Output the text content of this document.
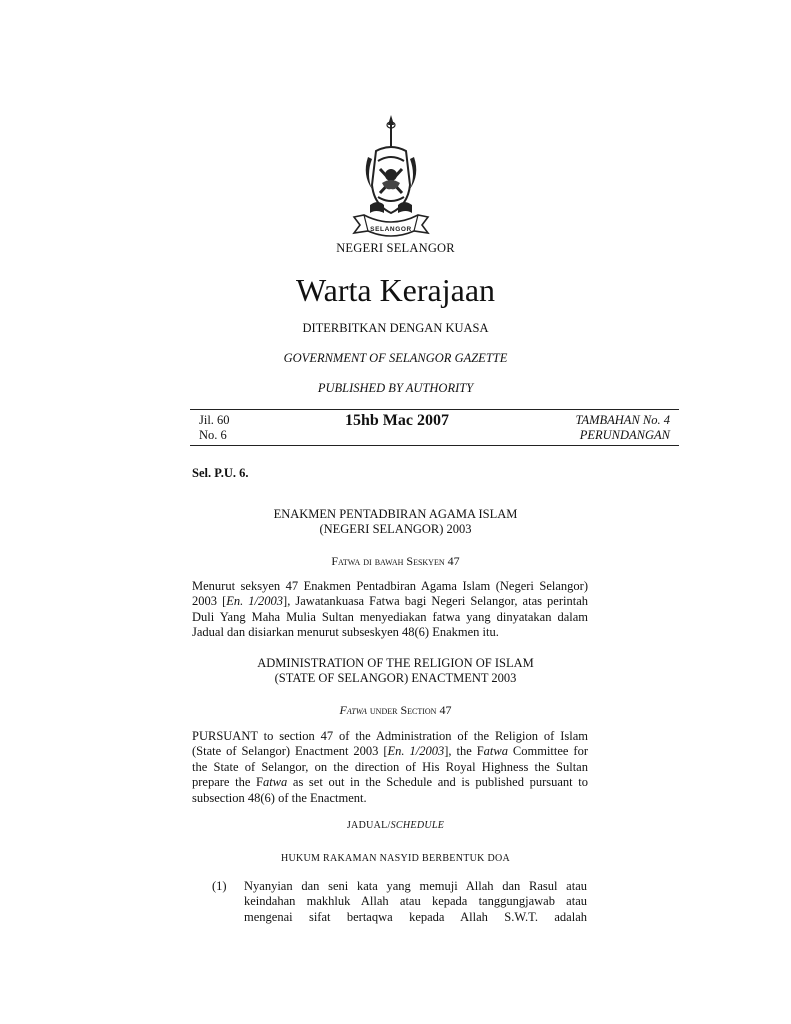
SELANGOR
NEGERI SELANGOR
Warta Kerajaan
DITERBITKAN DENGAN KUASA
GOVERNMENT OF SELANGOR GAZETTE
PUBLISHED BY AUTHORITY
Jil. 60
No. 6
15hb Mac 2007	TAMBAHAN No. 4
PERUNDANGAN
Sel. P.U. 6.
ENAKMEN PENTADBIRAN AGAMA ISLAM
(NEGERI SELANGOR) 2003
Fatwa di bawah Seskyen 47

Menurut seksyen 47 Enakmen Pentadbiran Agama Islam (Negeri Selangor) 2003 [En. 1/2003], Jawatankuasa Fatwa bagi Negeri Selangor, atas perintah Duli Yang Maha Mulia Sultan menyediakan fatwa yang dinyatakan dalam Jadual dan disiarkan menurut subseskyen 48(6) Enakmen itu.

ADMINISTRATION OF THE RELIGION OF ISLAM
(STATE OF SELANGOR) ENACTMENT 2003
Fatwa under Section 47

PURSUANT to section 47 of the Administration of the Religion of Islam (State of Selangor) Enactment 2003 [En. 1/2003], the Fatwa Committee for the State of Selangor, on the direction of His Royal Highness the Sultan prepare the Fatwa as set out in the Schedule and is published pursuant to subsection 48(6) of the Enactment.

JADUAL/SCHEDULE
HUKUM RAKAMAN NASYID BERBENTUK DOA
(1) Nyanyian dan seni kata yang memuji Allah dan Rasul atau keindahan makhluk Allah atau kepada tanggungjawab atau mengenai sifat bertaqwa kepada Allah S.W.T. adalah
